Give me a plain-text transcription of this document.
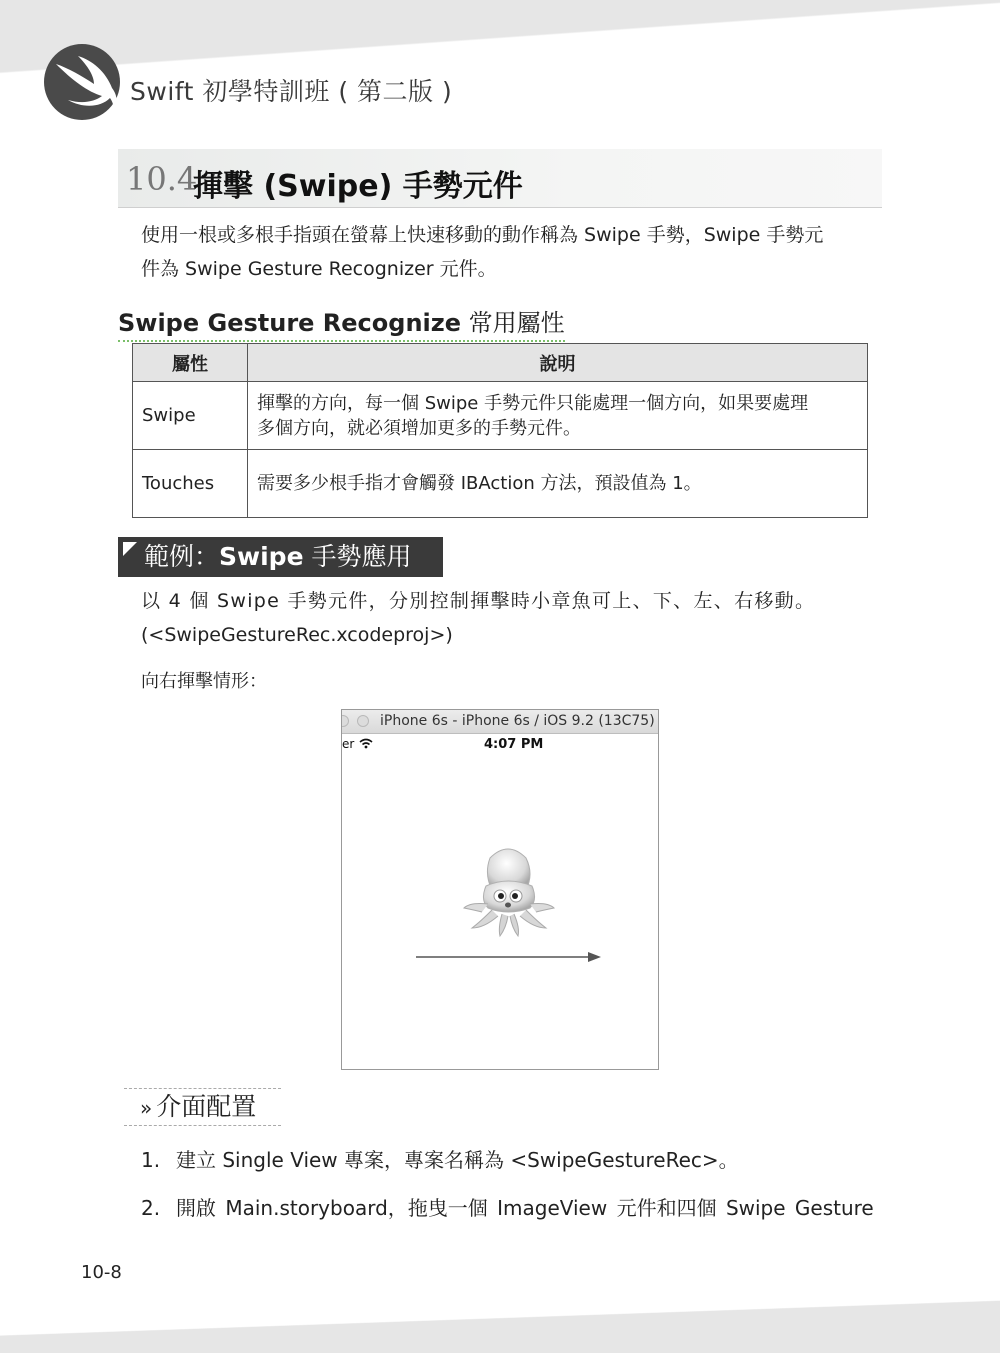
Swift 初學特訓班 ( 第二版 )
10.4
揮擊 (Swipe) 手勢元件
使用一根或多根手指頭在螢幕上快速移動的動作稱為 Swipe 手勢，Swipe 手勢元
件為 Swipe Gesture Recognizer 元件。
Swipe Gesture Recognize 常用屬性
屬性	說明
Swipe	揮擊的方向，每一個 Swipe 手勢元件只能處理一個方向，如果要處理
多個方向，就必須增加更多的手勢元件。

Touches	需要多少根手指才會觸發 IBAction 方法，預設值為 1。
範例：Swipe 手勢應用
以 4 個 Swipe 手勢元件，分別控制揮擊時小章魚可上、下、左、右移動。
(<SwipeGestureRec.xcodeproj>)
向右揮擊情形：
iPhone 6s - iPhone 6s / iOS 9.2 (13C75)
er	4:07 PM
» 介面配置
1. 建立 Single View 專案，專案名稱為 <SwipeGestureRec>。
2. 開啟 Main.storyboard，拖曳一個 ImageView 元件和四個 Swipe Gesture
10-8
